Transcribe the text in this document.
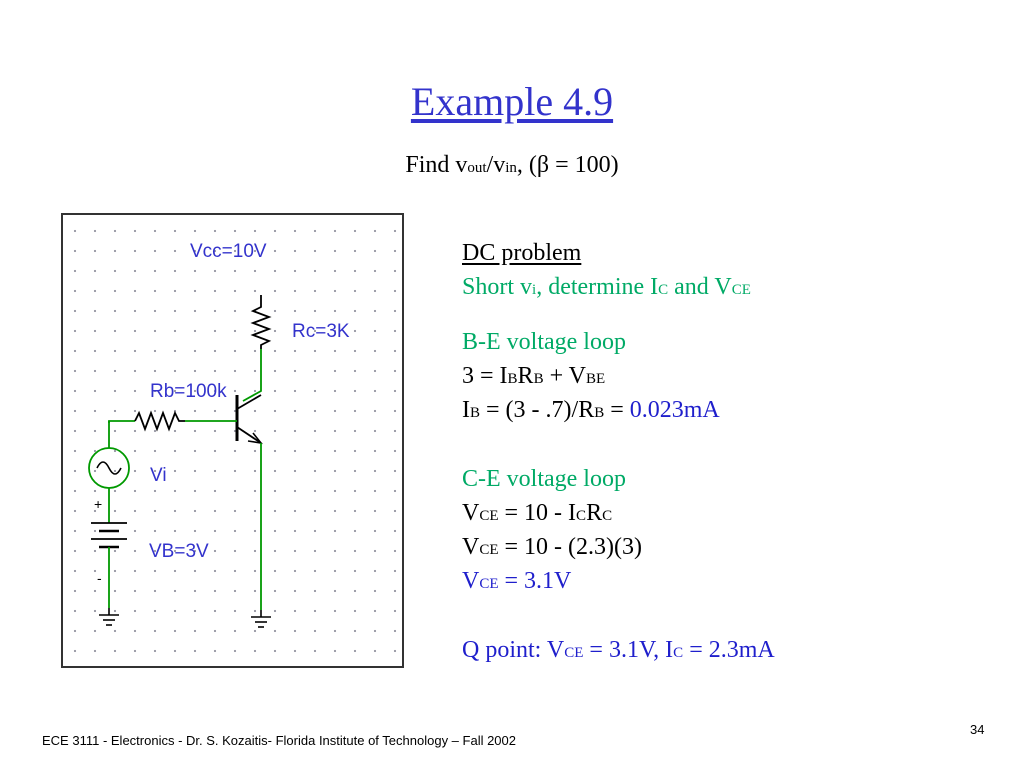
Example 4.9
Find vout/vin, (β = 100)
Vcc=10V
Rc=3K
Rb=100k
Vi
VB=3V
+
-
DC problem
Short vi, determine IC and VCE
B-E voltage loop
3 = IBRB + VBE
IB = (3 - .7)/RB = 0.023mA
C-E voltage loop
VCE = 10 - ICRC
VCE = 10 - (2.3)(3)
VCE = 3.1V
Q point: VCE = 3.1V, IC = 2.3mA
34
ECE 3111 - Electronics - Dr. S. Kozaitis- Florida Institute of Technology – Fall 2002
